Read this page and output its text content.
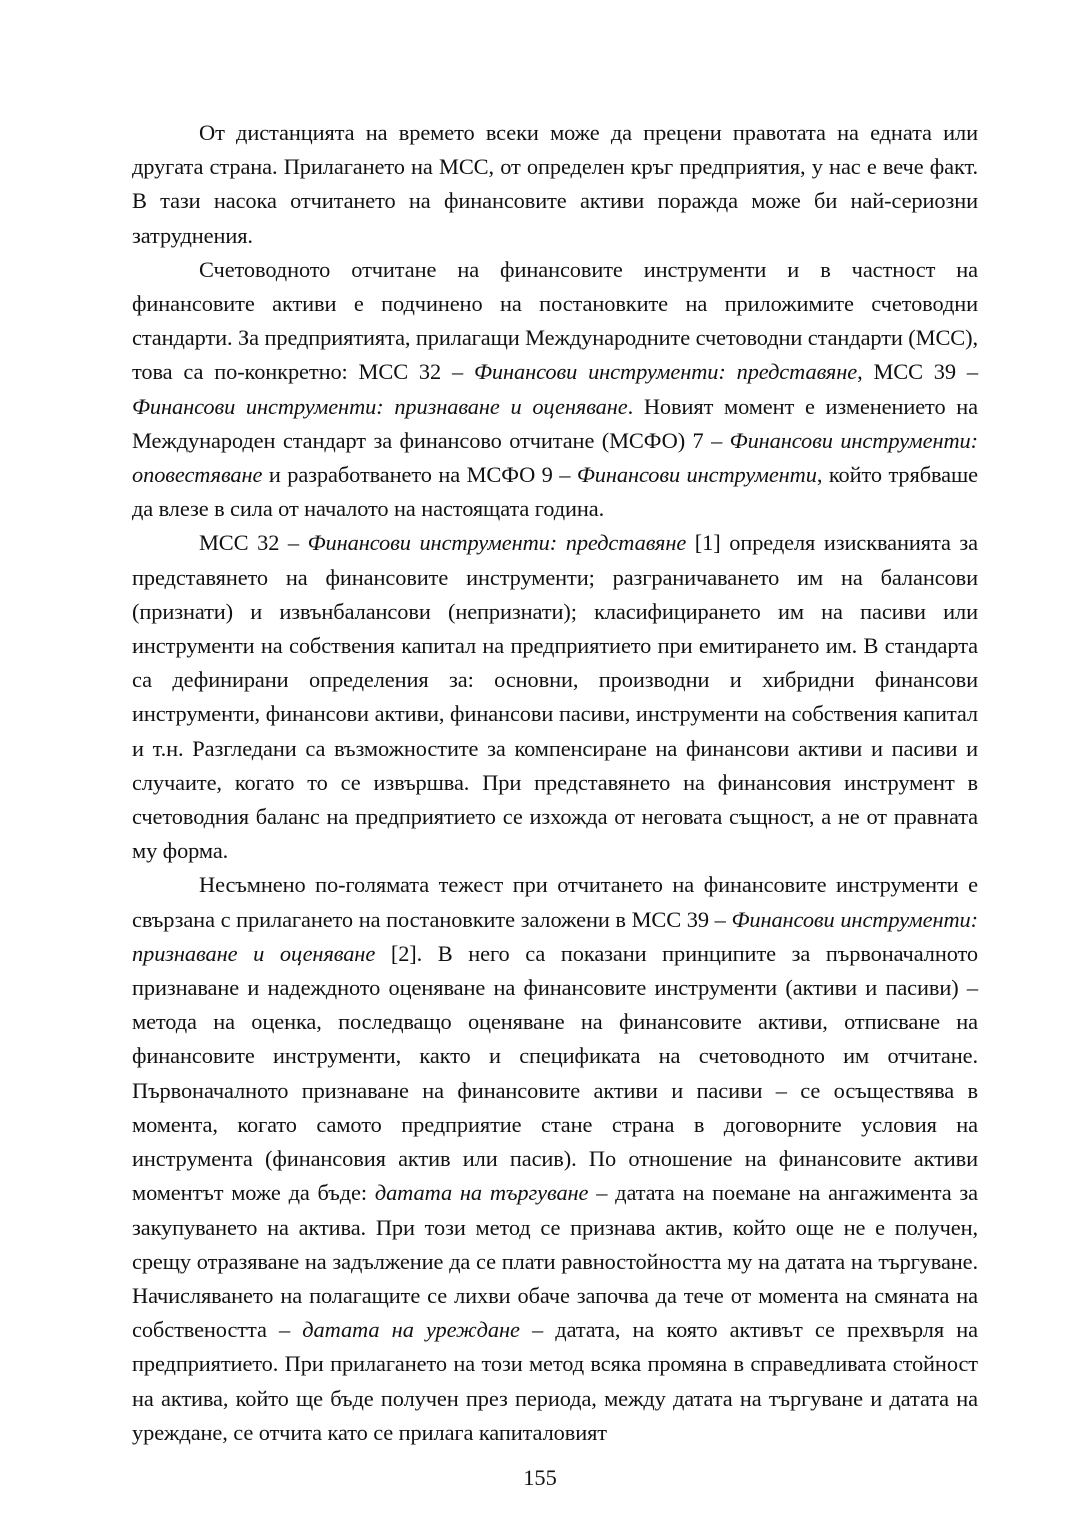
От дистанцията на времето всеки може да прецени правотата на едната или другата страна. Прилагането на МСС, от определен кръг предприятия, у нас е вече факт. В тази насока отчитането на финансовите активи поражда може би най-сериозни затруднения.

Счетоводното отчитане на финансовите инструменти и в частност на финансовите активи е подчинено на постановките на приложимите счетоводни стандарти. За предприятията, прилагащи Международните счетоводни стандарти (МСС), това са по-конкретно: МСС 32 – Финансови инструменти: представяне, МСС 39 – Финансови инструменти: признаване и оценяване. Новият момент е изменението на Международен стандарт за финансово отчитане (МСФО) 7 – Финансови инструменти: оповестяване и разработването на МСФО 9 – Финансови инструменти, който трябваше да влезе в сила от началото на настоящата година.

МСС 32 – Финансови инструменти: представяне [1] определя изискванията за представянето на финансовите инструменти; разграничаването им на балансови (признати) и извънбалансови (непризнати); класифицирането им на пасиви или инструменти на собствения капитал на предприятието при емитирането им. В стандарта са дефинирани определения за: основни, производни и хибридни финансови инструменти, финансови активи, финансови пасиви, инструменти на собствения капитал и т.н. Разгледани са възможностите за компенсиране на финансови активи и пасиви и случаите, когато то се извършва. При представянето на финансовия инструмент в счетоводния баланс на предприятието се изхожда от неговата същност, а не от правната му форма.

Несъмнено по-голямата тежест при отчитането на финансовите инструменти е свързана с прилагането на постановките заложени в МСС 39 – Финансови инструменти: признаване и оценяване [2]. В него са показани принципите за първоначалното признаване и надеждното оценяване на финансовите инструменти (активи и пасиви) – метода на оценка, последващо оценяване на финансовите активи, отписване на финансовите инструменти, както и спецификата на счетоводното им отчитане. Първоначалното признаване на финансовите активи и пасиви – се осъществява в момента, когато самото предприятие стане страна в договорните условия на инструмента (финансовия актив или пасив). По отношение на финансовите активи моментът може да бъде: датата на търгуване – датата на поемане на ангажимента за закупуването на актива. При този метод се признава актив, който още не е получен, срещу отразяване на задължение да се плати равностойността му на датата на търгуване. Начисляването на полагащите се лихви обаче започва да тече от момента на смяната на собствеността – датата на уреждане – датата, на която активът се прехвърля на предприятието. При прилагането на този метод всяка промяна в справедливата стойност на актива, който ще бъде получен през периода, между датата на търгуване и датата на уреждане, се отчита като се прилага капиталовият

155
